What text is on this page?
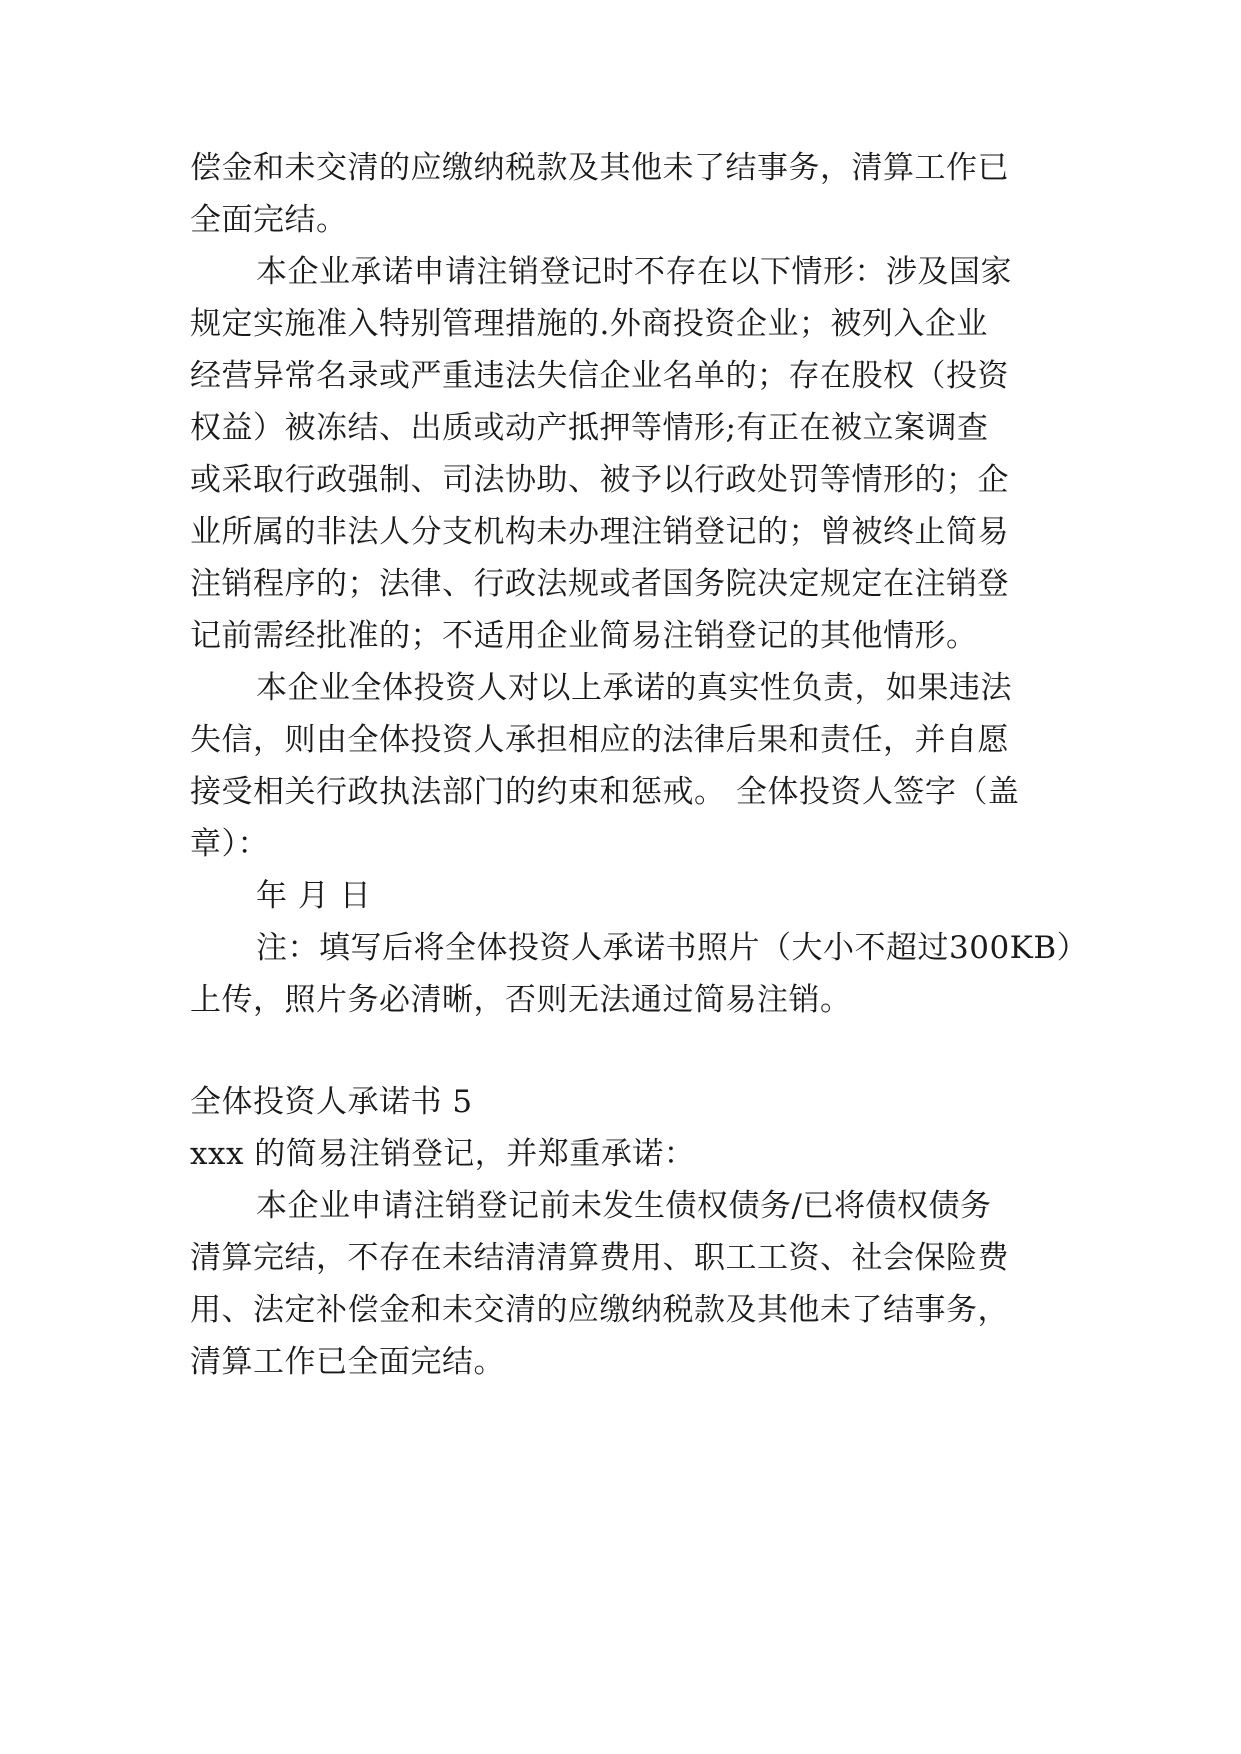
偿金和未交清的应缴纳税款及其他未了结事务，清算工作已
全面完结。
本企业承诺申请注销登记时不存在以下情形：涉及国家
规定实施准入特别管理措施的.外商投资企业；被列入企业
经营异常名录或严重违法失信企业名单的；存在股权（投资
权益）被冻结、出质或动产抵押等情形;有正在被立案调查
或采取行政强制、司法协助、被予以行政处罚等情形的；企
业所属的非法人分支机构未办理注销登记的；曾被终止简易
注销程序的；法律、行政法规或者国务院决定规定在注销登
记前需经批准的；不适用企业简易注销登记的其他情形。
本企业全体投资人对以上承诺的真实性负责，如果违法
失信，则由全体投资人承担相应的法律后果和责任，并自愿
接受相关行政执法部门的约束和惩戒。 全体投资人签字（盖
章）：
年 月 日
注：填写后将全体投资人承诺书照片（大小不超过300KB）
上传，照片务必清晰，否则无法通过简易注销。
全体投资人承诺书 5
xxx 的简易注销登记，并郑重承诺：
本企业申请注销登记前未发生债权债务/已将债权债务
清算完结，不存在未结清清算费用、职工工资、社会保险费
用、法定补偿金和未交清的应缴纳税款及其他未了结事务，
清算工作已全面完结。
